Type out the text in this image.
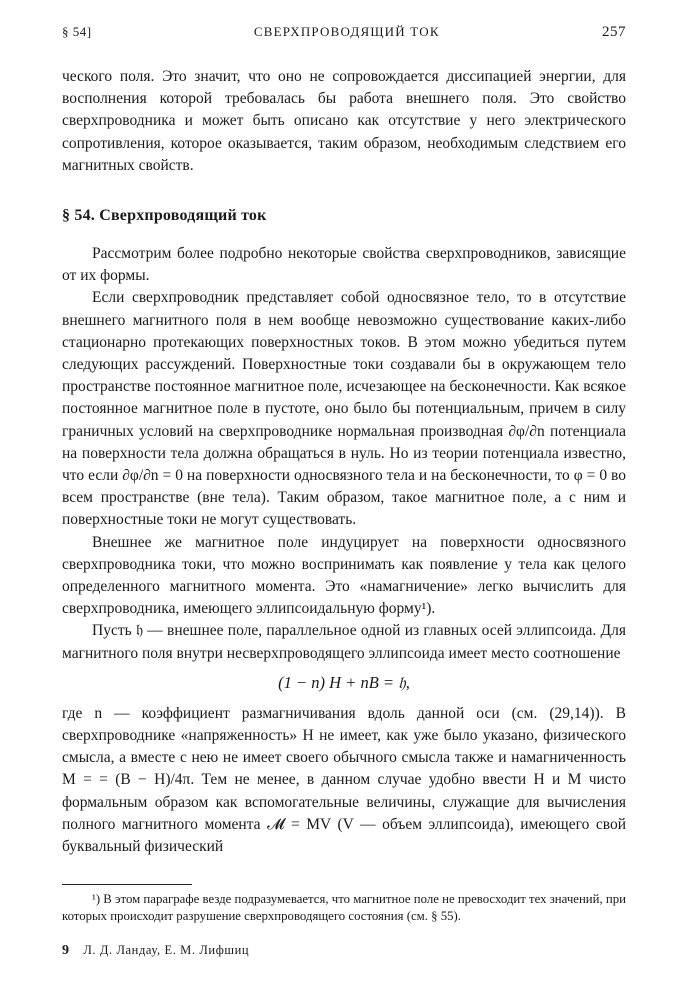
§ 54]	СВЕРХПРОВОДЯЩИЙ ТОК	257

ческого поля. Это значит, что оно не сопровождается диссипацией энергии, для восполнения которой требовалась бы работа внешнего поля. Это свойство сверхпроводника и может быть описано как отсутствие у него электрического сопротивления, которое оказывается, таким образом, необходимым следствием его магнитных свойств.

§ 54. Сверхпроводящий ток

Рассмотрим более подробно некоторые свойства сверхпроводников, зависящие от их формы.

Если сверхпроводник представляет собой односвязное тело, то в отсутствие внешнего магнитного поля в нем вообще невозможно существование каких-либо стационарно протекающих поверхностных токов. В этом можно убедиться путем следующих рассуждений. Поверхностные токи создавали бы в окружающем тело пространстве постоянное магнитное поле, исчезающее на бесконечности. Как всякое постоянное магнитное поле в пустоте, оно было бы потенциальным, причем в силу граничных условий на сверхпроводнике нормальная производная ∂φ/∂n потенциала на поверхности тела должна обращаться в нуль. Но из теории потенциала известно, что если ∂φ/∂n = 0 на поверхности односвязного тела и на бесконечности, то φ = 0 во всем пространстве (вне тела). Таким образом, такое магнитное поле, а с ним и поверхностные токи не могут существовать.

Внешнее же магнитное поле индуцирует на поверхности односвязного сверхпроводника токи, что можно воспринимать как появление у тела как целого определенного магнитного момента. Это «намагничение» легко вычислить для сверхпроводника, имеющего эллипсоидальную форму¹).

Пусть 𝔥 — внешнее поле, параллельное одной из главных осей эллипсоида. Для магнитного поля внутри несверхпроводящего эллипсоида имеет место соотношение

(1 − n) H + nB = 𝔥,

где n — коэффициент размагничивания вдоль данной оси (см. (29,14)). В сверхпроводнике «напряженность» H не имеет, как уже было указано, физического смысла, а вместе с нею не имеет своего обычного смысла также и намагниченность M = = (B − H)/4π. Тем не менее, в данном случае удобно ввести H и M чисто формальным образом как вспомогательные величины, служащие для вычисления полного магнитного момента 𝓜 = MV (V — объем эллипсоида), имеющего свой буквальный физический

¹) В этом параграфе везде подразумевается, что магнитное поле не превосходит тех значений, при которых происходит разрушение сверхпроводящего состояния (см. § 55).

9 Л. Д. Ландау, Е. М. Лифшиц
